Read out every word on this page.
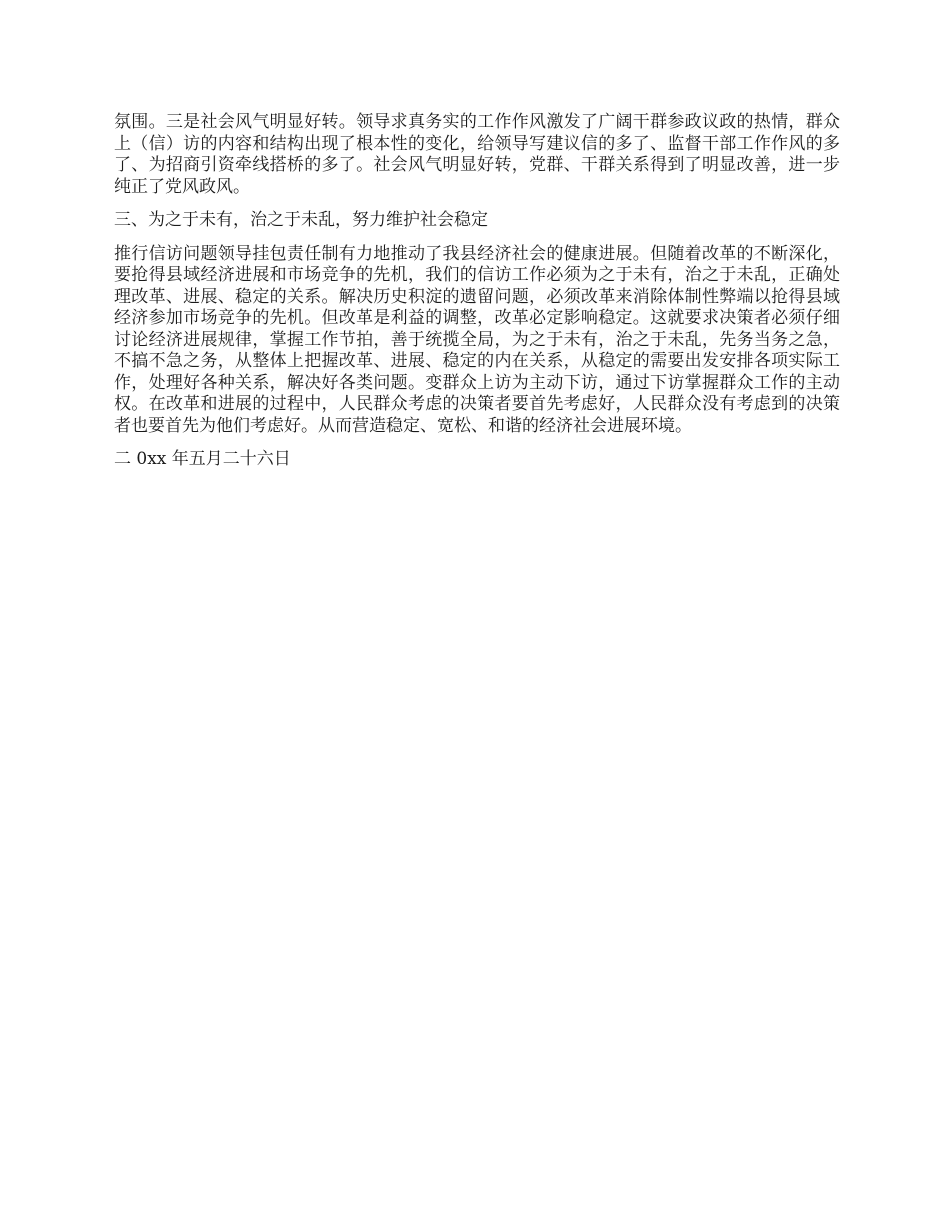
氛围。三是社会风气明显好转。领导求真务实的工作作风激发了广阔干群参政议政的热情，群众上（信）访的内容和结构出现了根本性的变化，给领导写建议信的多了、监督干部工作作风的多了、为招商引资牵线搭桥的多了。社会风气明显好转，党群、干群关系得到了明显改善，进一步纯正了党风政风。

三、为之于未有，治之于未乱，努力维护社会稳定

推行信访问题领导挂包责任制有力地推动了我县经济社会的健康进展。但随着改革的不断深化，要抢得县域经济进展和市场竞争的先机，我们的信访工作必须为之于未有，治之于未乱，正确处理改革、进展、稳定的关系。解决历史积淀的遗留问题，必须改革来消除体制性弊端以抢得县域经济参加市场竞争的先机。但改革是利益的调整，改革必定影响稳定。这就要求决策者必须仔细讨论经济进展规律，掌握工作节拍，善于统揽全局，为之于未有，治之于未乱，先务当务之急，不搞不急之务，从整体上把握改革、进展、稳定的内在关系，从稳定的需要出发安排各项实际工作，处理好各种关系，解决好各类问题。变群众上访为主动下访，通过下访掌握群众工作的主动权。在改革和进展的过程中，人民群众考虑的决策者要首先考虑好，人民群众没有考虑到的决策者也要首先为他们考虑好。从而营造稳定、宽松、和谐的经济社会进展环境。

二 0xx 年五月二十六日
